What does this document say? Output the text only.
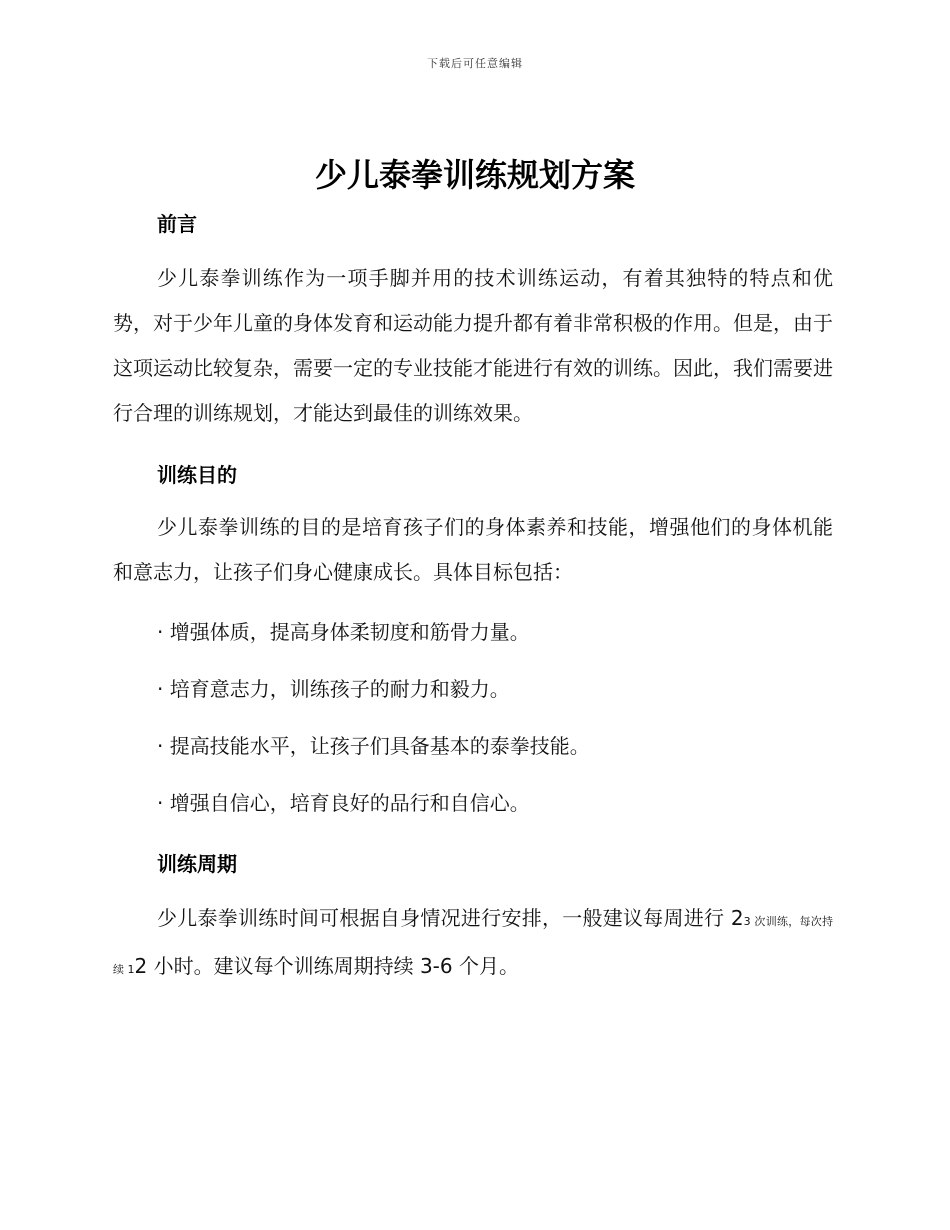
下载后可任意编辑
少儿泰拳训练规划方案
前言

少儿泰拳训练作为一项手脚并用的技术训练运动，有着其独特的特点和优势，对于少年儿童的身体发育和运动能力提升都有着非常积极的作用。但是，由于这项运动比较复杂，需要一定的专业技能才能进行有效的训练。因此，我们需要进行合理的训练规划，才能达到最佳的训练效果。

训练目的

少儿泰拳训练的目的是培育孩子们的身体素养和技能，增强他们的身体机能和意志力，让孩子们身心健康成长。具体目标包括：

· 增强体质，提高身体柔韧度和筋骨力量。

· 培育意志力，训练孩子的耐力和毅力。

· 提高技能水平，让孩子们具备基本的泰拳技能。

· 增强自信心，培育良好的品行和自信心。

训练周期

少儿泰拳训练时间可根据自身情况进行安排，一般建议每周进行 23 次训练，每次持续 12 小时。建议每个训练周期持续 3-6 个月。
